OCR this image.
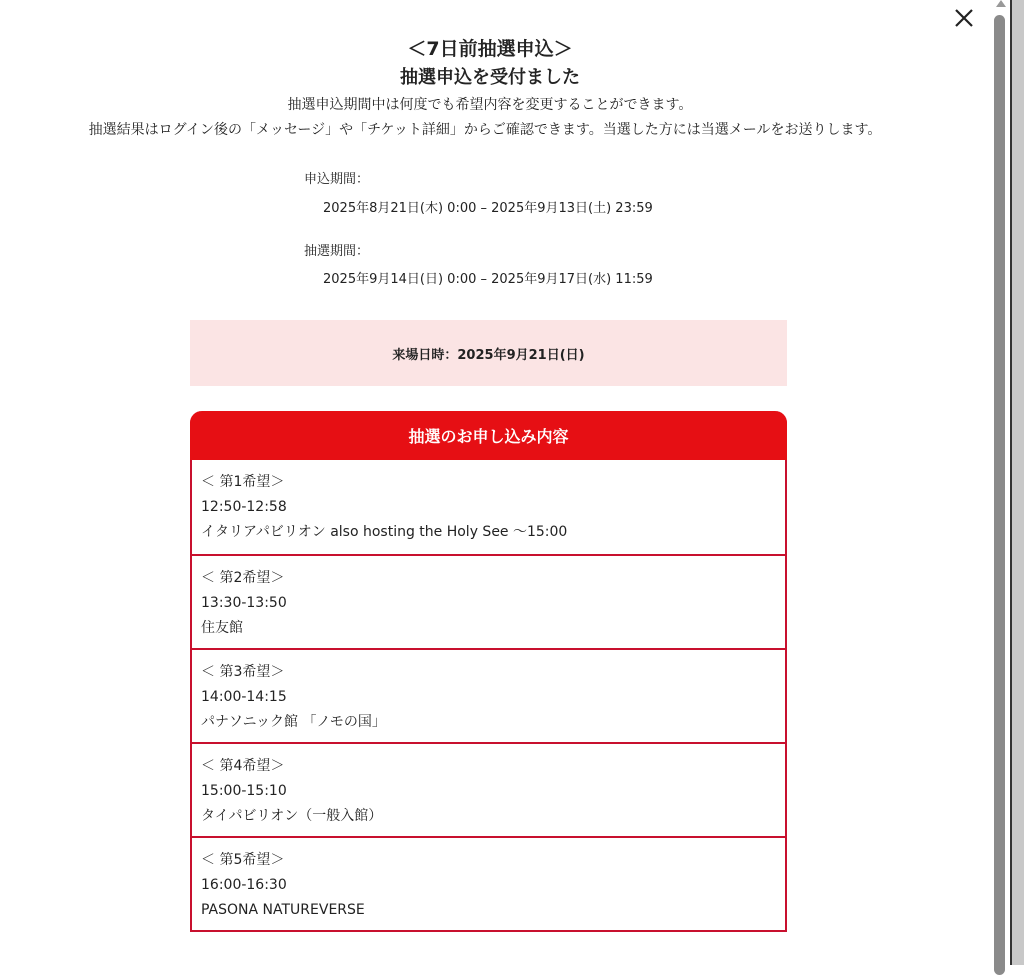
＜7日前抽選申込＞
抽選申込を受付ました
抽選申込期間中は何度でも希望内容を変更することができます。
抽選結果はログイン後の「メッセージ」や「チケット詳細」からご確認できます。当選した方には当選メールをお送りします。
申込期間：
2025年8月21日(木) 0:00 – 2025年9月13日(土) 23:59
抽選期間：
2025年9月14日(日) 0:00 – 2025年9月17日(水) 11:59
来場日時：2025年9月21日(日)
抽選のお申し込み内容
＜ 第1希望＞
12:50-12:58
イタリアパビリオン also hosting the Holy See ～15:00
＜ 第2希望＞
13:30-13:50
住友館
＜ 第3希望＞
14:00-14:15
パナソニック館 「ノモの国」
＜ 第4希望＞
15:00-15:10
タイパビリオン（一般入館）
＜ 第5希望＞
16:00-16:30
PASONA NATUREVERSE
